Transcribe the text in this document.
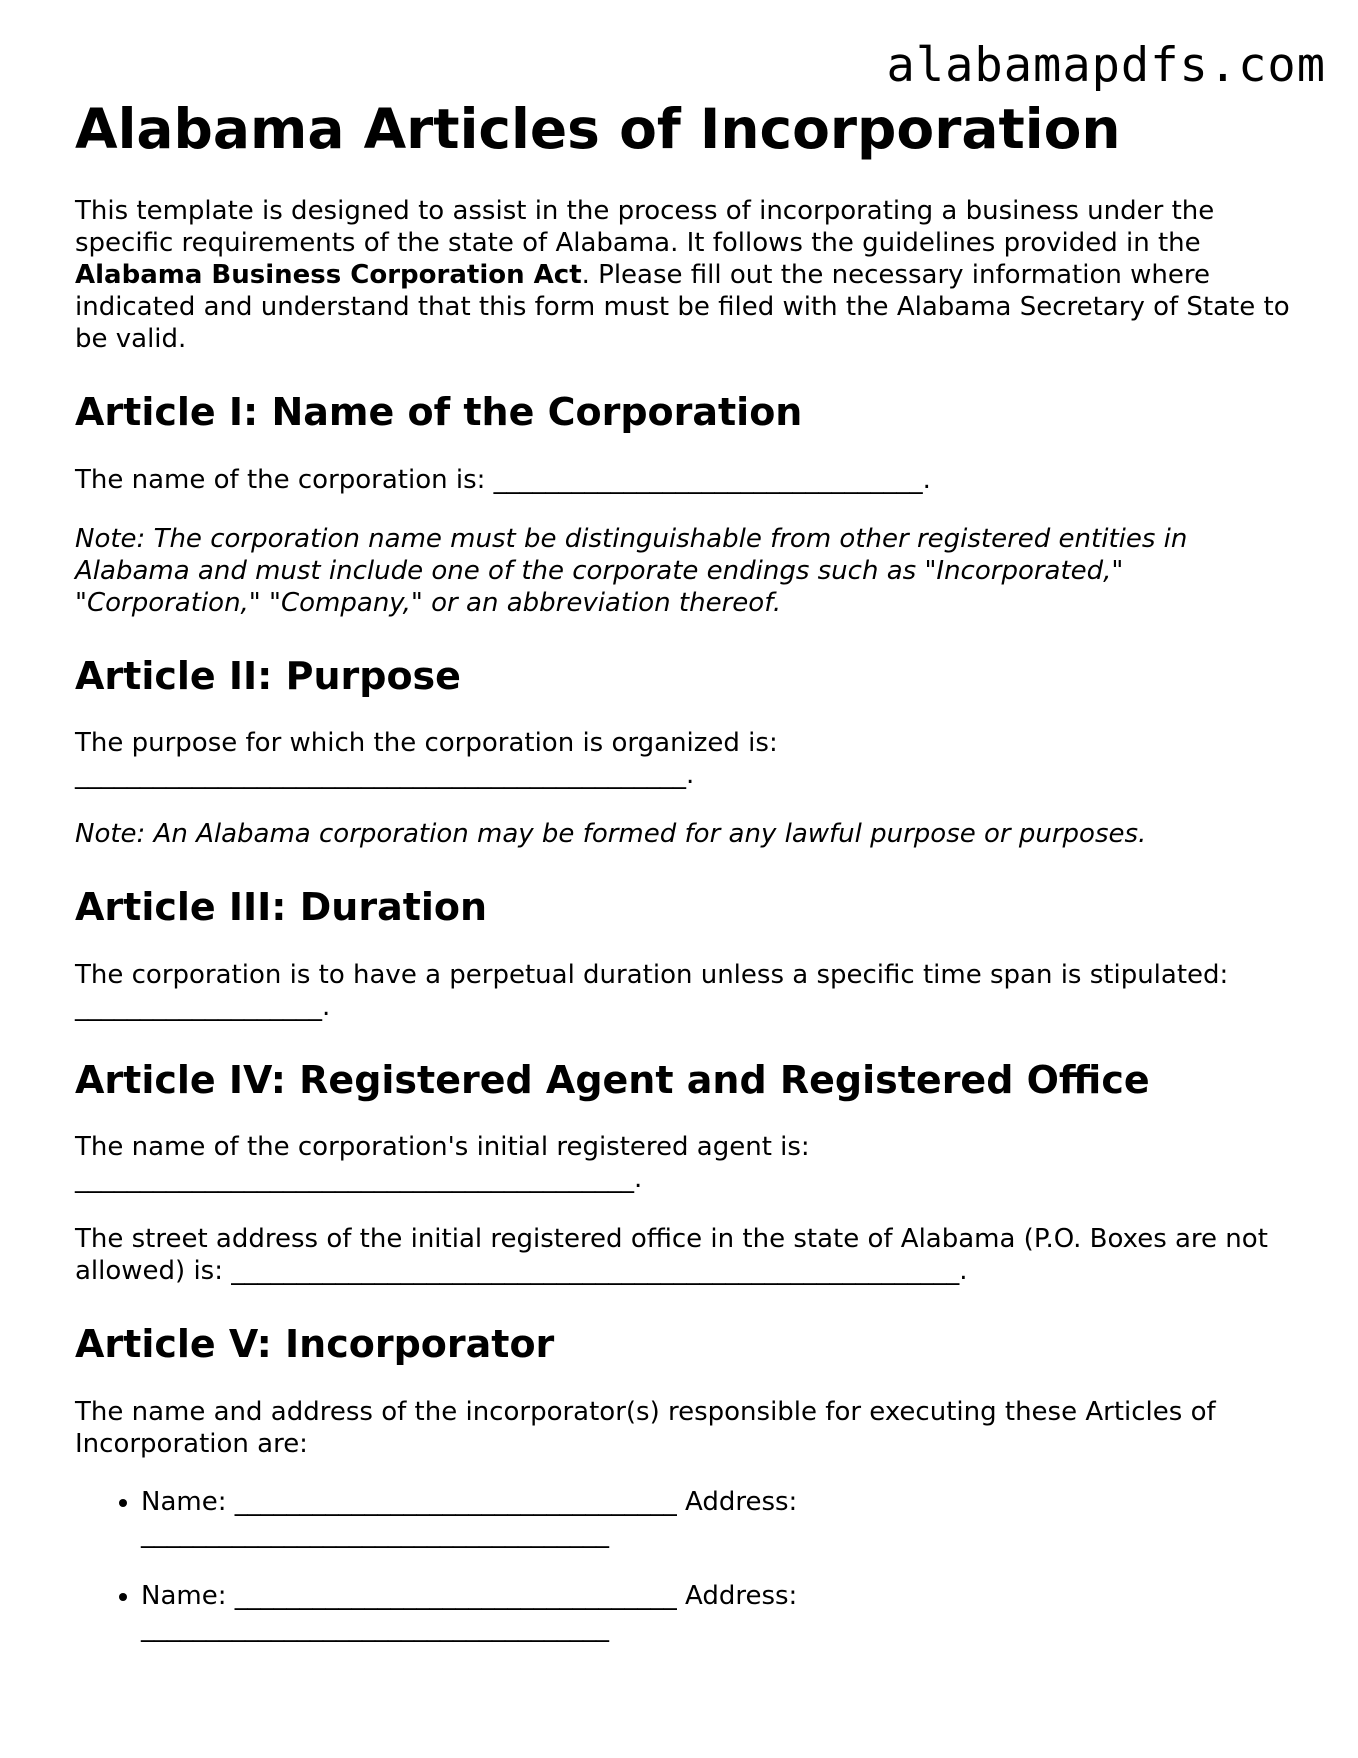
alabamapdfs.com
Alabama Articles of Incorporation

This template is designed to assist in the process of incorporating a business under the specific requirements of the state of Alabama. It follows the guidelines provided in the Alabama Business Corporation Act. Please fill out the necessary information where indicated and understand that this form must be filed with the Alabama Secretary of State to be valid.

Article I: Name of the Corporation

The name of the corporation is: _________________________________.

Note: The corporation name must be distinguishable from other registered entities in Alabama and must include one of the corporate endings such as "Incorporated," "Corporation," "Company," or an abbreviation thereof.

Article II: Purpose

The purpose for which the corporation is organized is: _______________________________________________.

Note: An Alabama corporation may be formed for any lawful purpose or purposes.

Article III: Duration

The corporation is to have a perpetual duration unless a specific time span is stipulated: ___________________.

Article IV: Registered Agent and Registered Office

The name of the corporation's initial registered agent is: ___________________________________________.

The street address of the initial registered office in the state of Alabama (P.O. Boxes are not allowed) is: ________________________________________________________.

Article V: Incorporator

The name and address of the incorporator(s) responsible for executing these Articles of Incorporation are:

• Name: __________________________________ Address:
____________________________________
• Name: __________________________________ Address:
____________________________________
